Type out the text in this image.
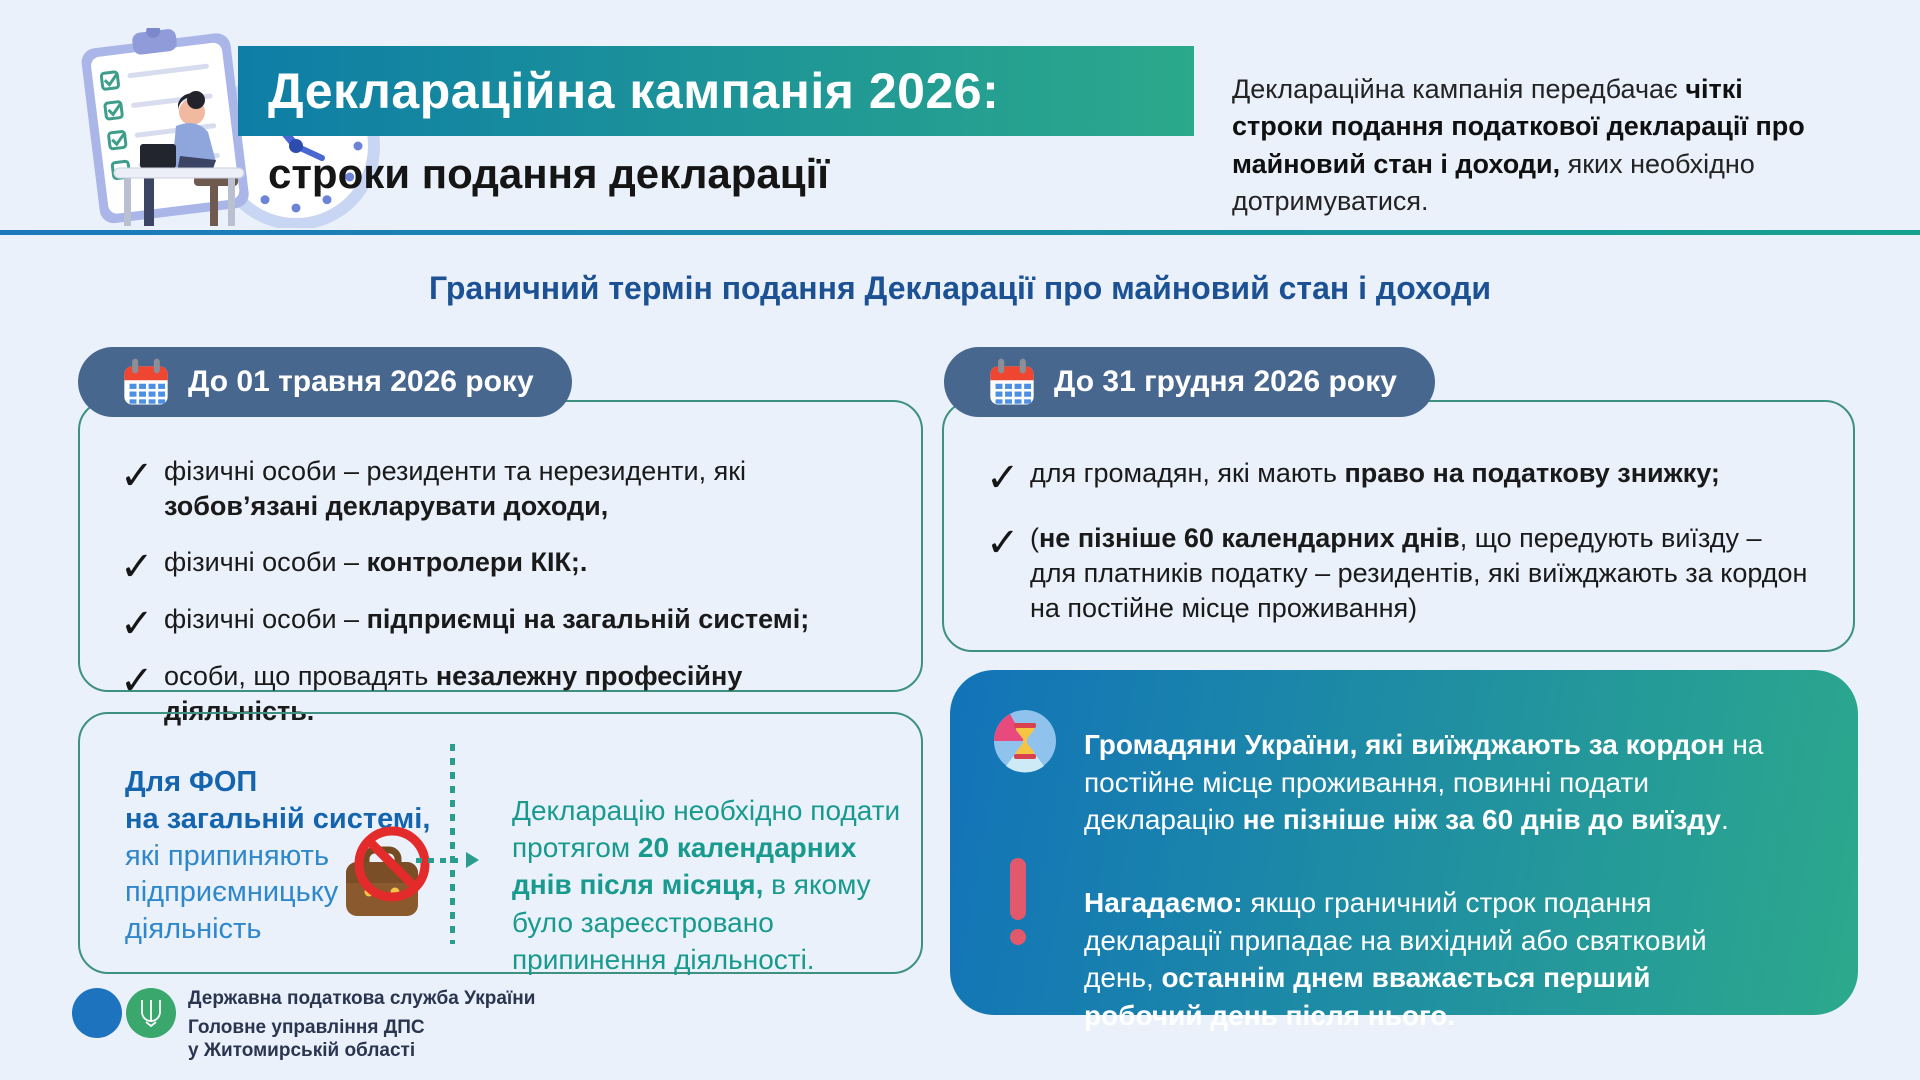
Деклараційна кампанія 2026:
строки подання декларації

Деклараційна кампанія передбачає чіткі строки подання податкової декларації про майновий стан і доходи, яких необхідно дотримуватися.

Граничний термін подання Декларації про майновий стан і доходи
До 01 травня 2026 року	До 31 грудня 2026 року
✓ фізичні особи – резиденти та нерезиденти, які зобов’язані декларувати доходи,

✓ фізичні особи – контролери КІК;.

✓ фізичні особи – підприємці на загальній системі;

✓ особи, що провадять незалежну професійну діяльність.

✓ для громадян, які мають право на податкову знижку;

✓ (не пізніше 60 календарних днів, що передують виїзду – для платників податку – резидентів, які виїжджають за кордон на постійне місце проживання)

Для ФОП
на загальній системі,
які припиняють
підприємницьку
діяльність

Декларацію необхідно подати протягом 20 календарних днів після місяця, в якому було зареєстровано припинення діяльності.

Громадяни України, які виїжджають за кордон на постійне місце проживання, повинні подати декларацію не пізніше ніж за 60 днів до виїзду.

Нагадаємо: якщо граничний строк подання декларації припадає на вихідний або святковий день, останнім днем вважається перший робочий день після нього.

Державна податкова служба України
Головне управління ДПС
у Житомирській області
